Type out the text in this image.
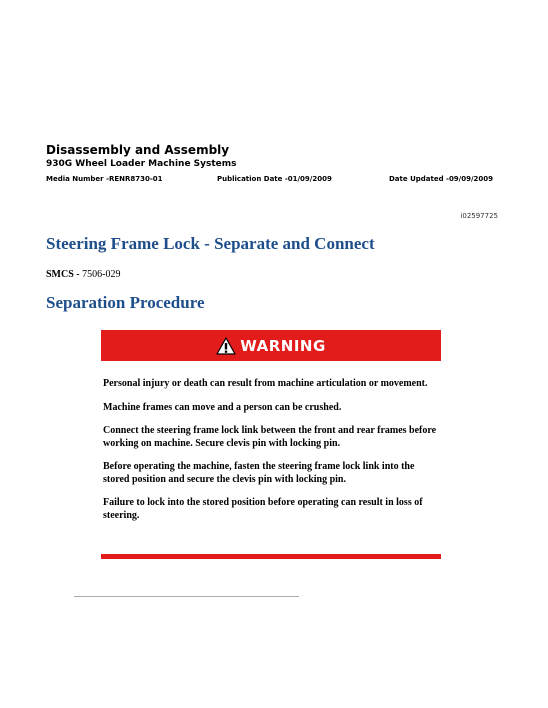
Disassembly and Assembly
930G Wheel Loader Machine Systems
Media Number -RENR8730-01	Publication Date -01/09/2009	Date Updated -09/09/2009
i02597725
Steering Frame Lock - Separate and Connect
SMCS - 7506-029
Separation Procedure
WARNING

Personal injury or death can result from machine articulation or movement.

Machine frames can move and a person can be crushed.

Connect the steering frame lock link between the front and rear frames before working on machine. Secure clevis pin with locking pin.

Before operating the machine, fasten the steering frame lock link into the stored position and secure the clevis pin with locking pin.

Failure to lock into the stored position before operating can result in loss of steering.
